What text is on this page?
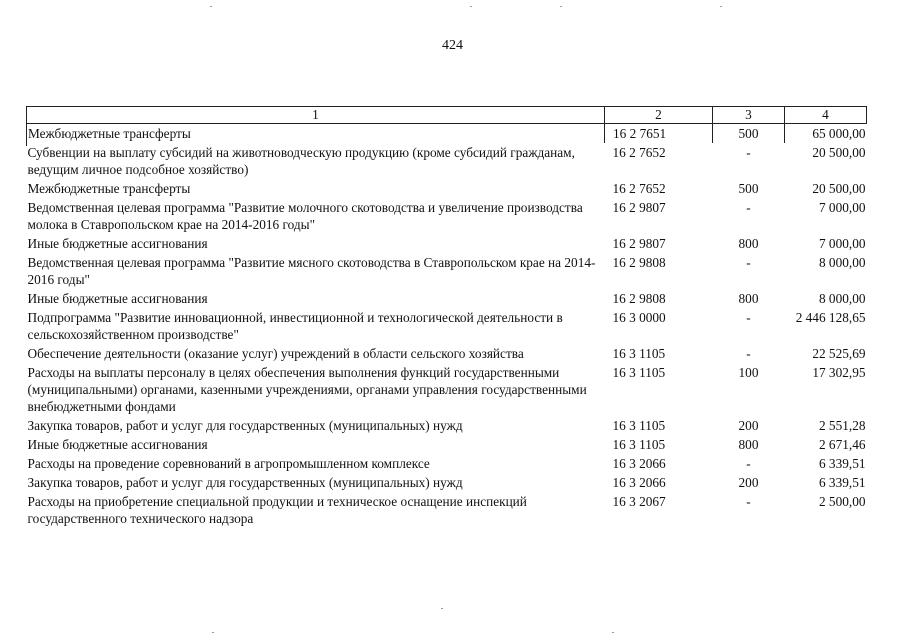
424
1	2	3	4
Межбюджетные трансферты	16 2 7651	500	65 000,00
Субвенции на выплату субсидий на животноводческую продукцию (кроме субсидий гражданам, ведущим личное подсобное хозяйство)	16 2 7652	-	20 500,00
Межбюджетные трансферты	16 2 7652	500	20 500,00
Ведомственная целевая программа "Развитие молочного скотоводства и увеличение производства молока в Ставропольском крае на 2014-2016 годы"	16 2 9807	-	7 000,00
Иные бюджетные ассигнования	16 2 9807	800	7 000,00
Ведомственная целевая программа "Развитие мясного скотоводства в Ставропольском крае на 2014-2016 годы"	16 2 9808	-	8 000,00
Иные бюджетные ассигнования	16 2 9808	800	8 000,00
Подпрограмма "Развитие инновационной, инвестиционной и технологической деятельности в сельскохозяйственном производстве"	16 3 0000	-	2 446 128,65
Обеспечение деятельности (оказание услуг) учреждений в области сельского хозяйства	16 3 1105	-	22 525,69
Расходы на выплаты персоналу в целях обеспечения выполнения функций государственными (муниципальными) органами, казенными учреждениями, органами управления государственными внебюджетными фондами	16 3 1105	100	17 302,95
Закупка товаров, работ и услуг для государственных (муниципальных) нужд	16 3 1105	200	2 551,28
Иные бюджетные ассигнования	16 3 1105	800	2 671,46
Расходы на проведение соревнований в агропромышленном комплексе	16 3 2066	-	6 339,51
Закупка товаров, работ и услуг для государственных (муниципальных) нужд	16 3 2066	200	6 339,51
Расходы на приобретение специальной продукции и техническое оснащение инспекций государственного технического надзора	16 3 2067	-	2 500,00
